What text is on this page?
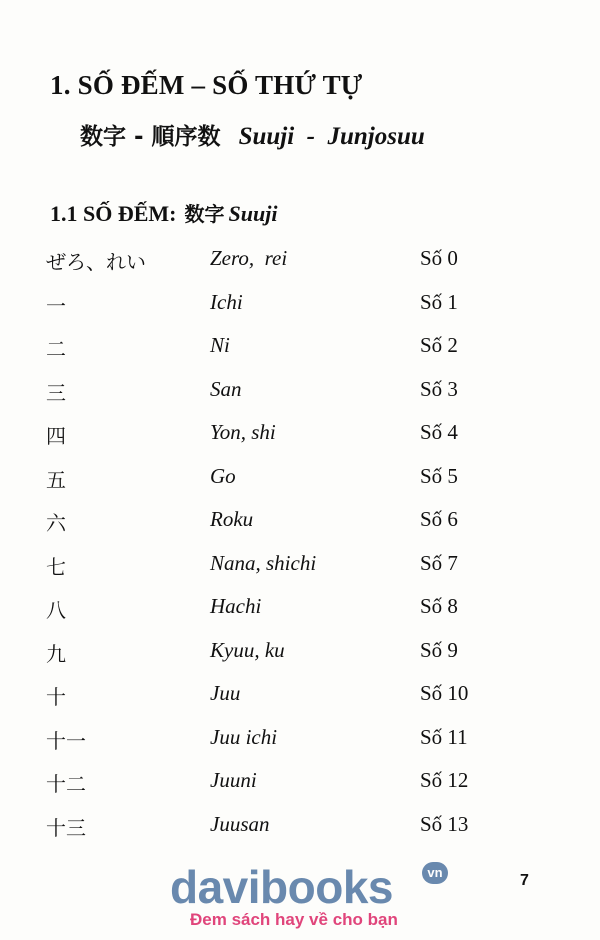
1. SỐ ĐẾM – SỐ THỨ TỰ
数字 - 順序数 Suuji  -  Junjosuu
1.1 SỐ ĐẾM: 数字 Suuji
ぜろ、れい	Zero,  rei	Số 0
一	Ichi	Số 1
二	Ni	Số 2
三	San	Số 3
四	Yon, shi	Số 4
五	Go	Số 5
六	Roku	Số 6
七	Nana, shichi	Số 7
八	Hachi	Số 8
九	Kyuu, ku	Số 9
十	Juu	Số 10
十一	Juu ichi	Số 11
十二	Juuni	Số 12
十三	Juusan	Số 13
7
davibooks	vn
Đem sách hay về cho bạn
